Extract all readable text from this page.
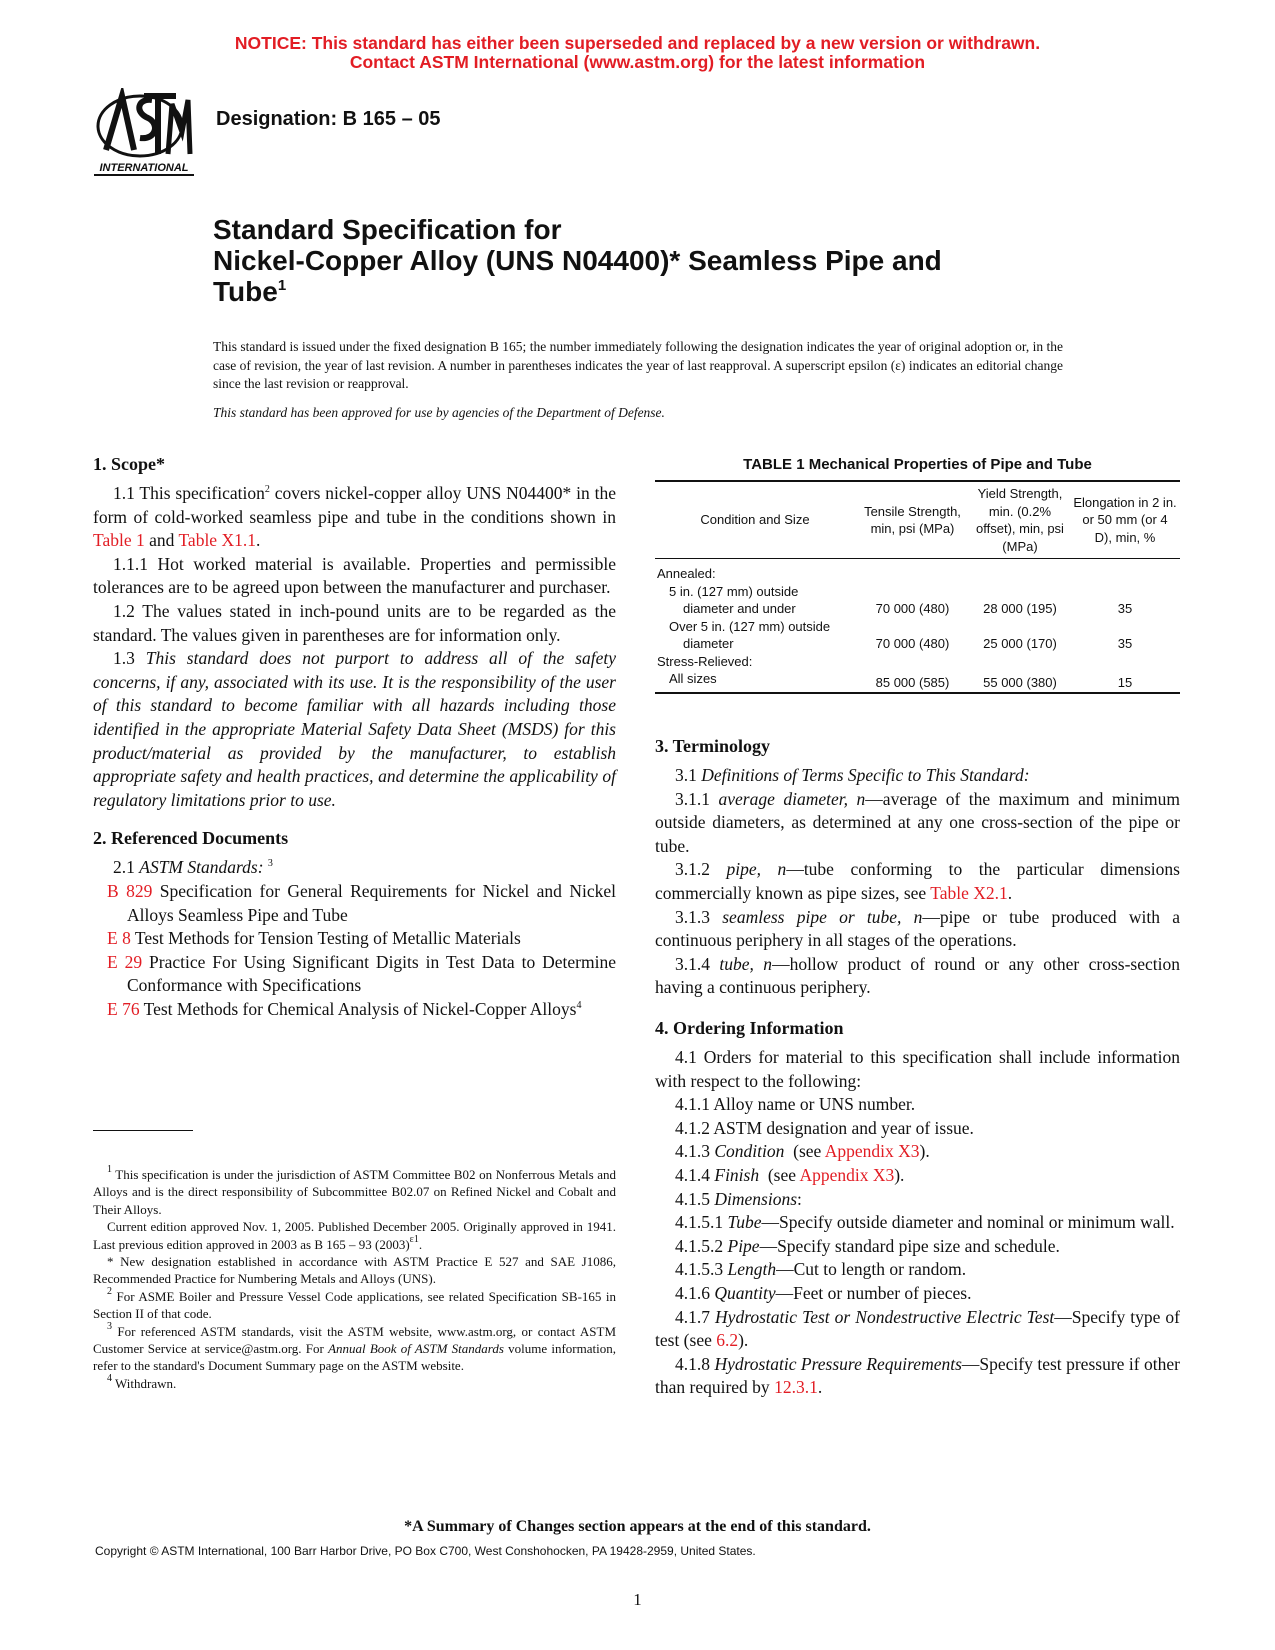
NOTICE: This standard has either been superseded and replaced by a new version or withdrawn.
Contact ASTM International (www.astm.org) for the latest information
INTERNATIONAL
Designation: B 165 – 05
Standard Specification for
Nickel-Copper Alloy (UNS N04400)* Seamless Pipe and
Tube$^1$

This standard is issued under the fixed designation B 165; the number immediately following the designation indicates the year of original adoption or, in the case of revision, the year of last revision. A number in parentheses indicates the year of last reapproval. A superscript epsilon (ε) indicates an editorial change since the last revision or reapproval.

This standard has been approved for use by agencies of the Department of Defense.

1. Scope*

1.1 This specification$^2$ covers nickel-copper alloy UNS N04400* in the form of cold-worked seamless pipe and tube in the conditions shown in Table 1 and Table X1.1.

1.1.1 Hot worked material is available. Properties and permissible tolerances are to be agreed upon between the manufacturer and purchaser.

1.2 The values stated in inch-pound units are to be regarded as the standard. The values given in parentheses are for information only.

1.3 This standard does not purport to address all of the safety concerns, if any, associated with its use. It is the responsibility of the user of this standard to become familiar with all hazards including those identified in the appropriate Material Safety Data Sheet (MSDS) for this product/material as provided by the manufacturer, to establish appropriate safety and health practices, and determine the applicability of regulatory limitations prior to use.

2. Referenced Documents

2.1 ASTM Standards: $^3$

B 829 Specification for General Requirements for Nickel and Nickel Alloys Seamless Pipe and Tube

E 8 Test Methods for Tension Testing of Metallic Materials

E 29 Practice For Using Significant Digits in Test Data to Determine Conformance with Specifications

E 76 Test Methods for Chemical Analysis of Nickel-Copper Alloys$^4$

$^1$ This specification is under the jurisdiction of ASTM Committee B02 on Nonferrous Metals and Alloys and is the direct responsibility of Subcommittee B02.07 on Refined Nickel and Cobalt and Their Alloys.

Current edition approved Nov. 1, 2005. Published December 2005. Originally approved in 1941. Last previous edition approved in 2003 as B 165 – 93 $(2003)^{\varepsilon 1}$.

* New designation established in accordance with ASTM Practice E 527 and SAE J1086, Recommended Practice for Numbering Metals and Alloys (UNS).

$^2$ For ASME Boiler and Pressure Vessel Code applications, see related Specification SB-165 in Section II of that code.

$^3$ For referenced ASTM standards, visit the ASTM website, www.astm.org, or contact ASTM Customer Service at service@astm.org. For Annual Book of ASTM Standards volume information, refer to the standard's Document Summary page on the ASTM website.

$^4$ Withdrawn.

TABLE 1 Mechanical Properties of Pipe and Tube
Condition and Size	Tensile Strength, min, psi (MPa)	Yield Strength, min. (0.2% offset), min, psi (MPa)	Elongation in 2 in. or 50 mm (or 4 D), min, %
Annealed:			
5 in. (127 mm) outside			
diameter and under	70 000 (480)	28 000 (195)	35
Over 5 in. (127 mm) outside			
diameter	70 000 (480)	25 000 (170)	35
Stress-Relieved:			
All sizes	85 000 (585)	55 000 (380)	15
3. Terminology

3.1 Definitions of Terms Specific to This Standard:

3.1.1 average diameter, n—average of the maximum and minimum outside diameters, as determined at any one cross-section of the pipe or tube.

3.1.2 pipe, n—tube conforming to the particular dimensions commercially known as pipe sizes, see Table X2.1.

3.1.3 seamless pipe or tube, n—pipe or tube produced with a continuous periphery in all stages of the operations.

3.1.4 tube, n—hollow product of round or any other cross-section having a continuous periphery.

4. Ordering Information

4.1 Orders for material to this specification shall include information with respect to the following:

4.1.1 Alloy name or UNS number.

4.1.2 ASTM designation and year of issue.

4.1.3 Condition  (see Appendix X3).

4.1.4 Finish  (see Appendix X3).

4.1.5 Dimensions:

4.1.5.1 Tube—Specify outside diameter and nominal or minimum wall.

4.1.5.2 Pipe—Specify standard pipe size and schedule.

4.1.5.3 Length—Cut to length or random.

4.1.6 Quantity—Feet or number of pieces.

4.1.7 Hydrostatic Test or Nondestructive Electric Test—Specify type of test (see 6.2).

4.1.8 Hydrostatic Pressure Requirements—Specify test pressure if other than required by 12.3.1.

*A Summary of Changes section appears at the end of this standard.
Copyright © ASTM International, 100 Barr Harbor Drive, PO Box C700, West Conshohocken, PA 19428-2959, United States.
1
